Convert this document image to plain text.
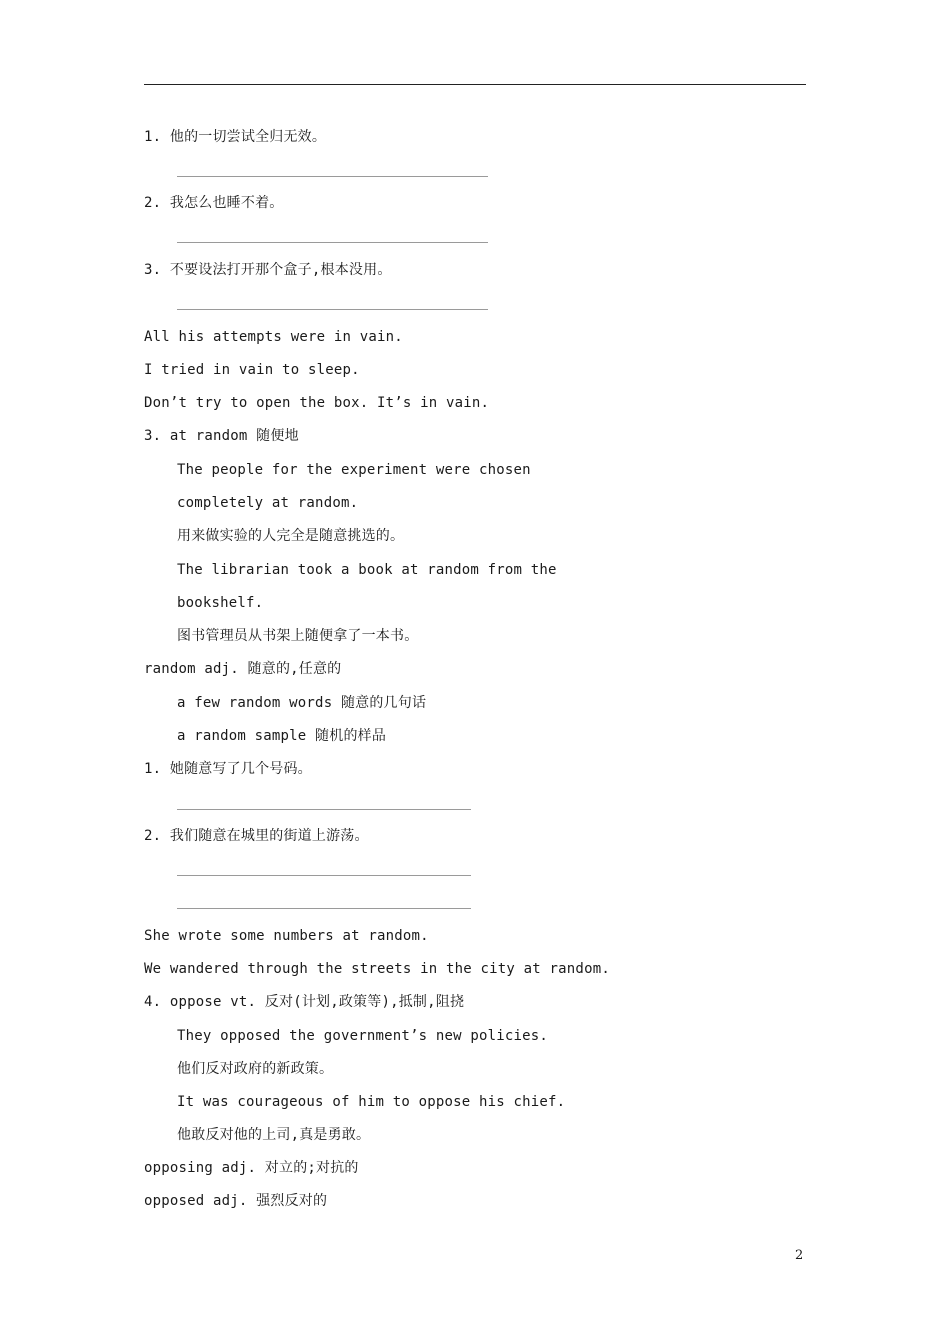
1. 他的一切尝试全归无效。
2. 我怎么也睡不着。
3. 不要设法打开那个盒子,根本没用。
All his attempts were in vain.
I tried in vain to sleep.
Don’t try to open the box. It’s in vain.
3. at random 随便地
The people for the experiment were chosen
completely at random.
用来做实验的人完全是随意挑选的。
The librarian took a book at random from the
bookshelf.
图书管理员从书架上随便拿了一本书。
random adj. 随意的,任意的
a few random words 随意的几句话
a random sample 随机的样品
1. 她随意写了几个号码。
2. 我们随意在城里的街道上游荡。
She wrote some numbers at random.
We wandered through the streets in the city at random.
4. oppose vt. 反对(计划,政策等),抵制,阻挠
They opposed the government’s new policies.
他们反对政府的新政策。
It was courageous of him to oppose his chief.
他敢反对他的上司,真是勇敢。
opposing adj. 对立的;对抗的
opposed adj. 强烈反对的
2
